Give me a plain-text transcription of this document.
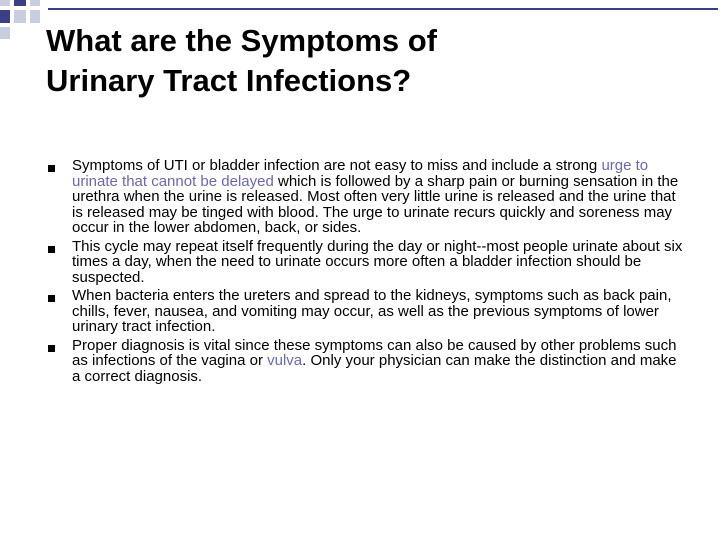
What are the Symptoms of
Urinary Tract Infections?
Symptoms of UTI or bladder infection are not easy to miss and include a strong urge to urinate that cannot be delayed which is followed by a sharp pain or burning sensation in the urethra when the urine is released. Most often very little urine is released and the urine that is released may be tinged with blood. The urge to urinate recurs quickly and soreness may occur in the lower abdomen, back, or sides.
This cycle may repeat itself frequently during the day or night--most people urinate about six times a day, when the need to urinate occurs more often a bladder infection should be suspected.
When bacteria enters the ureters and spread to the kidneys, symptoms such as back pain, chills, fever, nausea, and vomiting may occur, as well as the previous symptoms of lower urinary tract infection.
Proper diagnosis is vital since these symptoms can also be caused by other problems such as infections of the vagina or vulva. Only your physician can make the distinction and make a correct diagnosis.
